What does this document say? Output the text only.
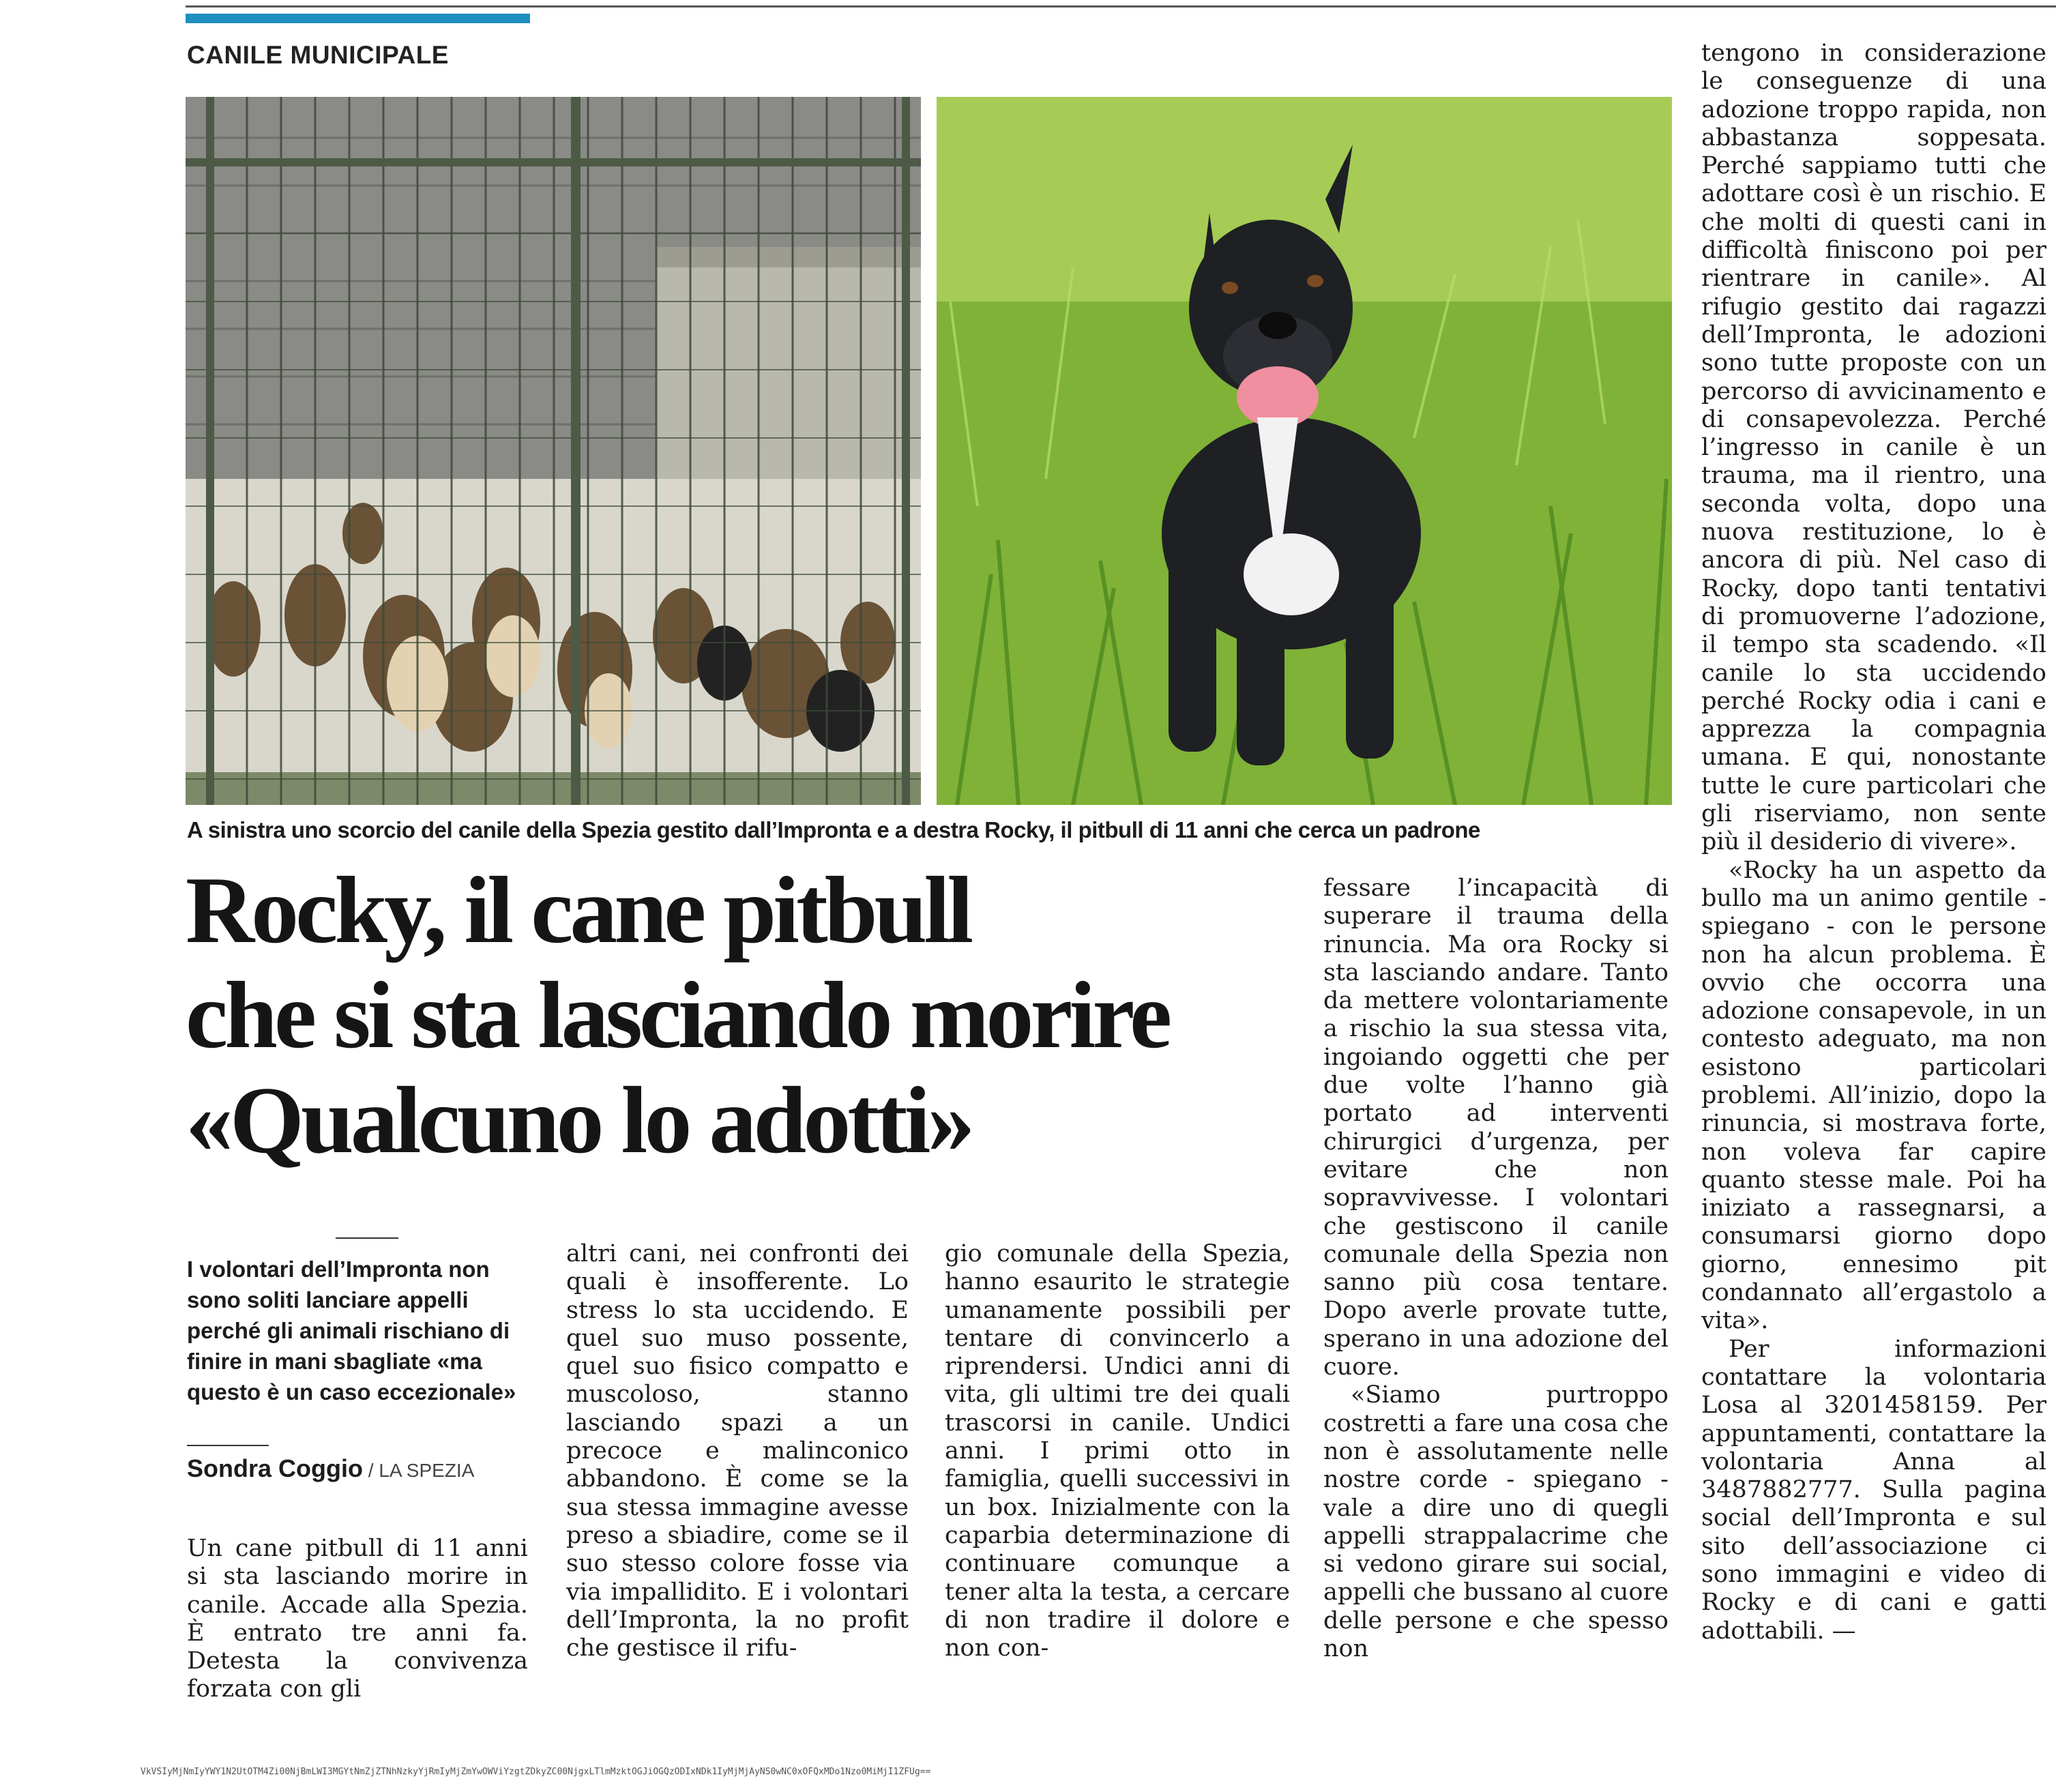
CANILE MUNICIPALE
A sinistra uno scorcio del canile della Spezia gestito dall’Impronta e a destra Rocky, il pitbull di 11 anni che cerca un padrone
Rocky, il cane pitbull
che si sta lasciando morire
«Qualcuno lo adotti»
I volontari dell’Impronta non sono soliti lanciare appelli perché gli animali rischiano di finire in mani sbagliate «ma questo è un caso eccezionale»
Sondra Coggio / LA SPEZIA

Un cane pitbull di 11 anni si sta lasciando morire in canile. Accade alla Spezia. È entrato tre anni fa. Detesta la convivenza forzata con gli

altri cani, nei confronti dei quali è insofferente. Lo stress lo sta uccidendo. E quel suo muso possente, quel suo fisico compatto e muscoloso, stanno lasciando spazi a un precoce e malinconico abbandono. È come se la sua stessa immagine avesse preso a sbiadire, come se il suo stesso colore fosse via via impallidito. E i volontari dell’Impronta, la no profit che gestisce il rifu-

gio comunale della Spezia, hanno esaurito le strategie umanamente possibili per tentare di convincerlo a riprendersi. Undici anni di vita, gli ultimi tre dei quali trascorsi in canile. Undici anni. I primi otto in famiglia, quelli successivi in un box. Inizialmente con la caparbia determinazione di continuare comunque a tener alta la testa, a cercare di non tradire il dolore e non con-

fessare l’incapacità di superare il trauma della rinuncia. Ma ora Rocky si sta lasciando andare. Tanto da mettere volontariamente a rischio la sua stessa vita, ingoiando oggetti che per due volte l’hanno già portato ad interventi chirurgici d’urgenza, per evitare che non sopravvivesse. I volontari che gestiscono il canile comunale della Spezia non sanno più cosa tentare. Dopo averle provate tutte, sperano in una adozione del cuore.

«Siamo purtroppo costretti a fare una cosa che non è assolutamente nelle nostre corde - spiegano - vale a dire uno di quegli appelli strappalacrime che si vedono girare sui social, appelli che bussano al cuore delle persone e che spesso non

tengono in considerazione le conseguenze di una adozione troppo rapida, non abbastanza soppesata. Perché sappiamo tutti che adottare così è un rischio. E che molti di questi cani in difficoltà finiscono poi per rientrare in canile». Al rifugio gestito dai ragazzi dell’Impronta, le adozioni sono tutte proposte con un percorso di avvicinamento e di consapevolezza. Perché l’ingresso in canile è un trauma, ma il rientro, una seconda volta, dopo una nuova restituzione, lo è ancora di più. Nel caso di Rocky, dopo tanti tentativi di promuoverne l’adozione, il tempo sta scadendo. «Il canile lo sta uccidendo perché Rocky odia i cani e apprezza la compagnia umana. E qui, nonostante tutte le cure particolari che gli riserviamo, non sente più il desiderio di vivere».

«Rocky ha un aspetto da bullo ma un animo gentile - spiegano - con le persone non ha alcun problema. È ovvio che occorra una adozione consapevole, in un contesto adeguato, ma non esistono particolari problemi. All’inizio, dopo la rinuncia, si mostrava forte, non voleva far capire quanto stesse male. Poi ha iniziato a rassegnarsi, a consumarsi giorno dopo giorno, ennesimo pit condannato all’ergastolo a vita».

Per informazioni contattare la volontaria Losa al 3201458159. Per appuntamenti, contattare la volontaria Anna al 3487882777. Sulla pagina social dell’Impronta e sul sito dell’associazione ci sono immagini e video di Rocky e di cani e gatti adottabili. —

VkVSIyMjNmIyYWY1N2UtOTM4Zi00NjBmLWI3MGYtNmZjZTNhNzkyYjRmIyMjZmYwOWViYzgtZDkyZC00NjgxLTlmMzktOGJiOGQzODIxNDk1IyMjMjAyNS0wNC0xOFQxMDo1Nzo0MiMjI1ZFUg==
